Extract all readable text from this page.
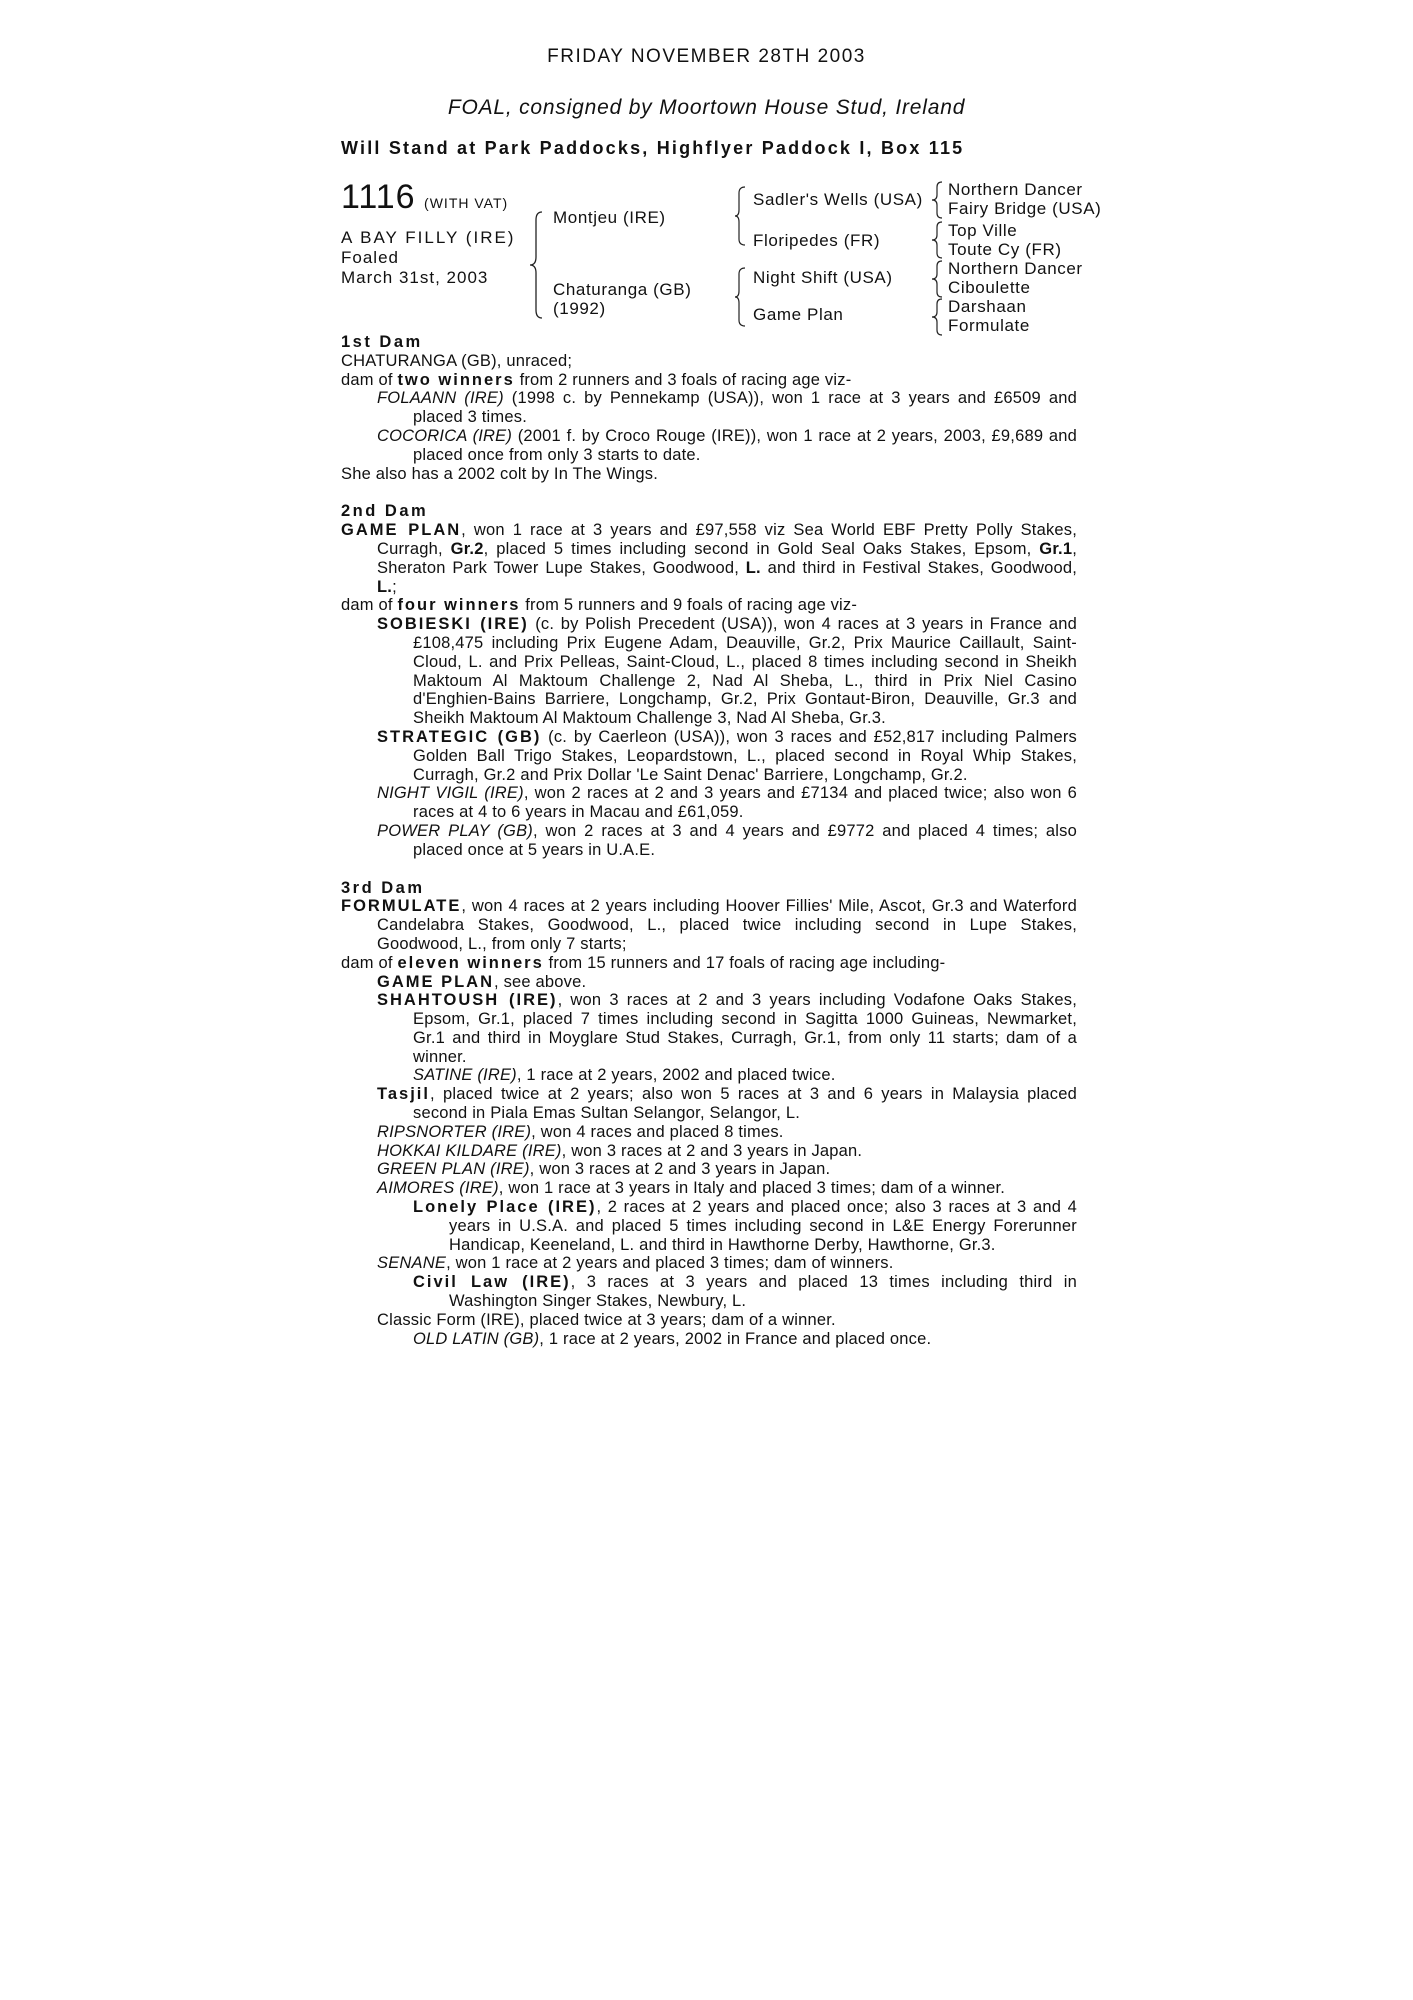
FRIDAY NOVEMBER 28TH 2003
FOAL, consigned by Moortown House Stud, Ireland
Will Stand at Park Paddocks, Highflyer Paddock I, Box 115
1116 (WITH VAT)
A BAY FILLY (IRE)
Foaled
March 31st, 2003
Montjeu (IRE)
Chaturanga (GB)
(1992)
Sadler's Wells (USA)
Floripedes (FR)
Night Shift (USA)
Game Plan
Northern Dancer
Fairy Bridge (USA)
Top Ville
Toute Cy (FR)
Northern Dancer
Ciboulette
Darshaan
Formulate
1st Dam
CHATURANGA (GB), unraced;
dam of two winners from 2 runners and 3 foals of racing age viz-
FOLAANN (IRE) (1998 c. by Pennekamp (USA)), won 1 race at 3 years and £6509 and placed 3 times.
COCORICA (IRE) (2001 f. by Croco Rouge (IRE)), won 1 race at 2 years, 2003, £9,689 and placed once from only 3 starts to date.
She also has a 2002 colt by In The Wings.
2nd Dam
GAME PLAN, won 1 race at 3 years and £97,558 viz Sea World EBF Pretty Polly Stakes, Curragh, Gr.2, placed 5 times including second in Gold Seal Oaks Stakes, Epsom, Gr.1, Sheraton Park Tower Lupe Stakes, Goodwood, L. and third in Festival Stakes, Goodwood, L.;
dam of four winners from 5 runners and 9 foals of racing age viz-
SOBIESKI (IRE) (c. by Polish Precedent (USA)), won 4 races at 3 years in France and £108,475 including Prix Eugene Adam, Deauville, Gr.2, Prix Maurice Caillault, Saint-Cloud, L. and Prix Pelleas, Saint-Cloud, L., placed 8 times including second in Sheikh Maktoum Al Maktoum Challenge 2, Nad Al Sheba, L., third in Prix Niel Casino d'Enghien-Bains Barriere, Longchamp, Gr.2, Prix Gontaut-Biron, Deauville, Gr.3 and Sheikh Maktoum Al Maktoum Challenge 3, Nad Al Sheba, Gr.3.
STRATEGIC (GB) (c. by Caerleon (USA)), won 3 races and £52,817 including Palmers Golden Ball Trigo Stakes, Leopardstown, L., placed second in Royal Whip Stakes, Curragh, Gr.2 and Prix Dollar 'Le Saint Denac' Barriere, Longchamp, Gr.2.
NIGHT VIGIL (IRE), won 2 races at 2 and 3 years and £7134 and placed twice; also won 6 races at 4 to 6 years in Macau and £61,059.
POWER PLAY (GB), won 2 races at 3 and 4 years and £9772 and placed 4 times; also placed once at 5 years in U.A.E.
3rd Dam
FORMULATE, won 4 races at 2 years including Hoover Fillies' Mile, Ascot, Gr.3 and Waterford Candelabra Stakes, Goodwood, L., placed twice including second in Lupe Stakes, Goodwood, L., from only 7 starts;
dam of eleven winners from 15 runners and 17 foals of racing age including-
GAME PLAN, see above.
SHAHTOUSH (IRE), won 3 races at 2 and 3 years including Vodafone Oaks Stakes, Epsom, Gr.1, placed 7 times including second in Sagitta 1000 Guineas, Newmarket, Gr.1 and third in Moyglare Stud Stakes, Curragh, Gr.1, from only 11 starts; dam of a winner.
SATINE (IRE), 1 race at 2 years, 2002 and placed twice.
Tasjil, placed twice at 2 years; also won 5 races at 3 and 6 years in Malaysia placed second in Piala Emas Sultan Selangor, Selangor, L.
RIPSNORTER (IRE), won 4 races and placed 8 times.
HOKKAI KILDARE (IRE), won 3 races at 2 and 3 years in Japan.
GREEN PLAN (IRE), won 3 races at 2 and 3 years in Japan.
AIMORES (IRE), won 1 race at 3 years in Italy and placed 3 times; dam of a winner.
Lonely Place (IRE), 2 races at 2 years and placed once; also 3 races at 3 and 4 years in U.S.A. and placed 5 times including second in L&E Energy Forerunner Handicap, Keeneland, L. and third in Hawthorne Derby, Hawthorne, Gr.3.
SENANE, won 1 race at 2 years and placed 3 times; dam of winners.
Civil Law (IRE), 3 races at 3 years and placed 13 times including third in Washington Singer Stakes, Newbury, L.
Classic Form (IRE), placed twice at 3 years; dam of a winner.
OLD LATIN (GB), 1 race at 2 years, 2002 in France and placed once.
